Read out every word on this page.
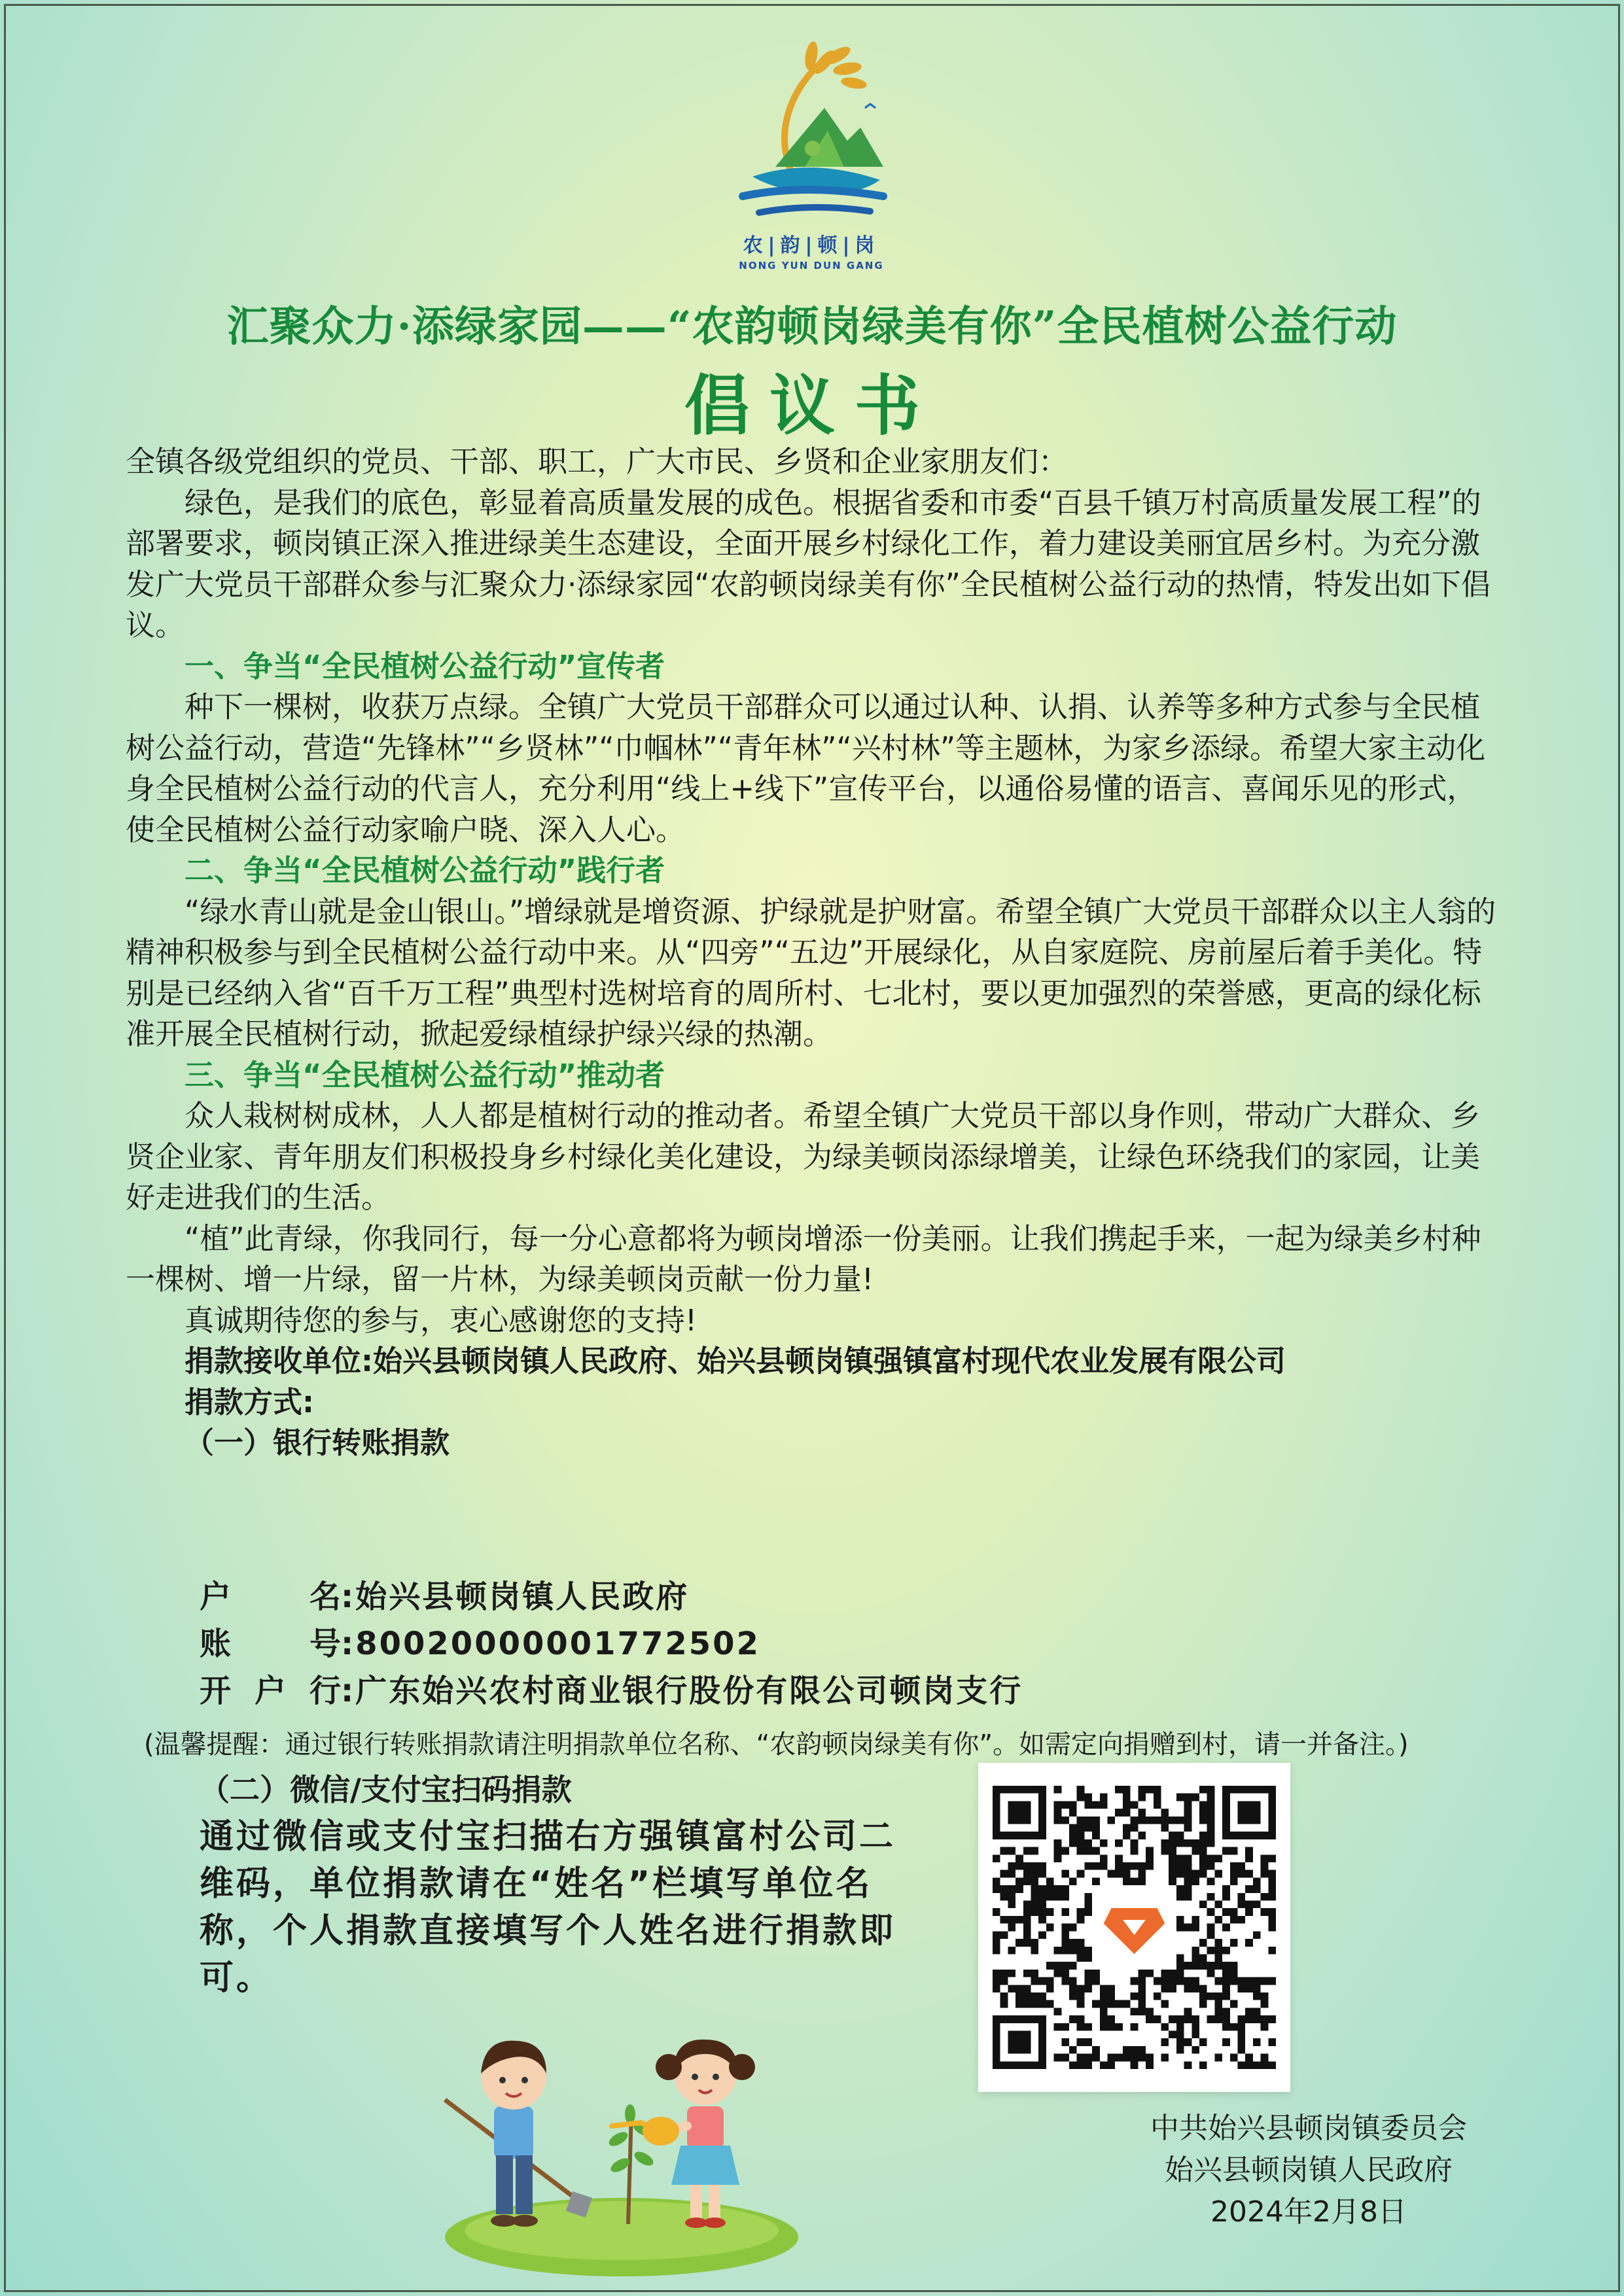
农|韵|顿|岗
NONG YUN DUN GANG
汇聚众力·添绿家园——“农韵顿岗绿美有你”全民植树公益行动
倡议书

全镇各级党组织的党员、干部、职工，广大市民、乡贤和企业家朋友们：

绿色，是我们的底色，彰显着高质量发展的成色。根据省委和市委“百县千镇万村高质量发展工程”的部署要求，顿岗镇正深入推进绿美生态建设，全面开展乡村绿化工作，着力建设美丽宜居乡村。为充分激发广大党员干部群众参与汇聚众力·添绿家园“农韵顿岗绿美有你”全民植树公益行动的热情，特发出如下倡议。

一、争当“全民植树公益行动”宣传者

种下一棵树，收获万点绿。全镇广大党员干部群众可以通过认种、认捐、认养等多种方式参与全民植树公益行动，营造“先锋林”“乡贤林”“巾帼林”“青年林”“兴村林”等主题林，为家乡添绿。希望大家主动化身全民植树公益行动的代言人，充分利用“线上+线下”宣传平台，以通俗易懂的语言、喜闻乐见的形式，使全民植树公益行动家喻户晓、深入人心。

二、争当“全民植树公益行动”践行者

“绿水青山就是金山银山。”增绿就是增资源、护绿就是护财富。希望全镇广大党员干部群众以主人翁的精神积极参与到全民植树公益行动中来。从“四旁”“五边”开展绿化，从自家庭院、房前屋后着手美化。特别是已经纳入省“百千万工程”典型村选树培育的周所村、七北村，要以更加强烈的荣誉感，更高的绿化标准开展全民植树行动，掀起爱绿植绿护绿兴绿的热潮。

三、争当“全民植树公益行动”推动者

众人栽树树成林，人人都是植树行动的推动者。希望全镇广大党员干部以身作则，带动广大群众、乡贤企业家、青年朋友们积极投身乡村绿化美化建设，为绿美顿岗添绿增美，让绿色环绕我们的家园，让美好走进我们的生活。

“植”此青绿，你我同行，每一分心意都将为顿岗增添一份美丽。让我们携起手来，一起为绿美乡村种一棵树、增一片绿，留一片林，为绿美顿岗贡献一份力量!

真诚期待您的参与，衷心感谢您的支持!

捐款接收单位:始兴县顿岗镇人民政府、始兴县顿岗镇强镇富村现代农业发展有限公司

捐款方式:

（一）银行转账捐款

户名:始兴县顿岗镇人民政府
账号:80020000001772502
开户行:广东始兴农村商业银行股份有限公司顿岗支行
(温馨提醒：通过银行转账捐款请注明捐款单位名称、“农韵顿岗绿美有你”。如需定向捐赠到村，请一并备注。)
（二）微信/支付宝扫码捐款
通过微信或支付宝扫描右方强镇富村公司二维码，单位捐款请在“姓名”栏填写单位名称，个人捐款直接填写个人姓名进行捐款即可。
中共始兴县顿岗镇委员会
始兴县顿岗镇人民政府
2024年2月8日
